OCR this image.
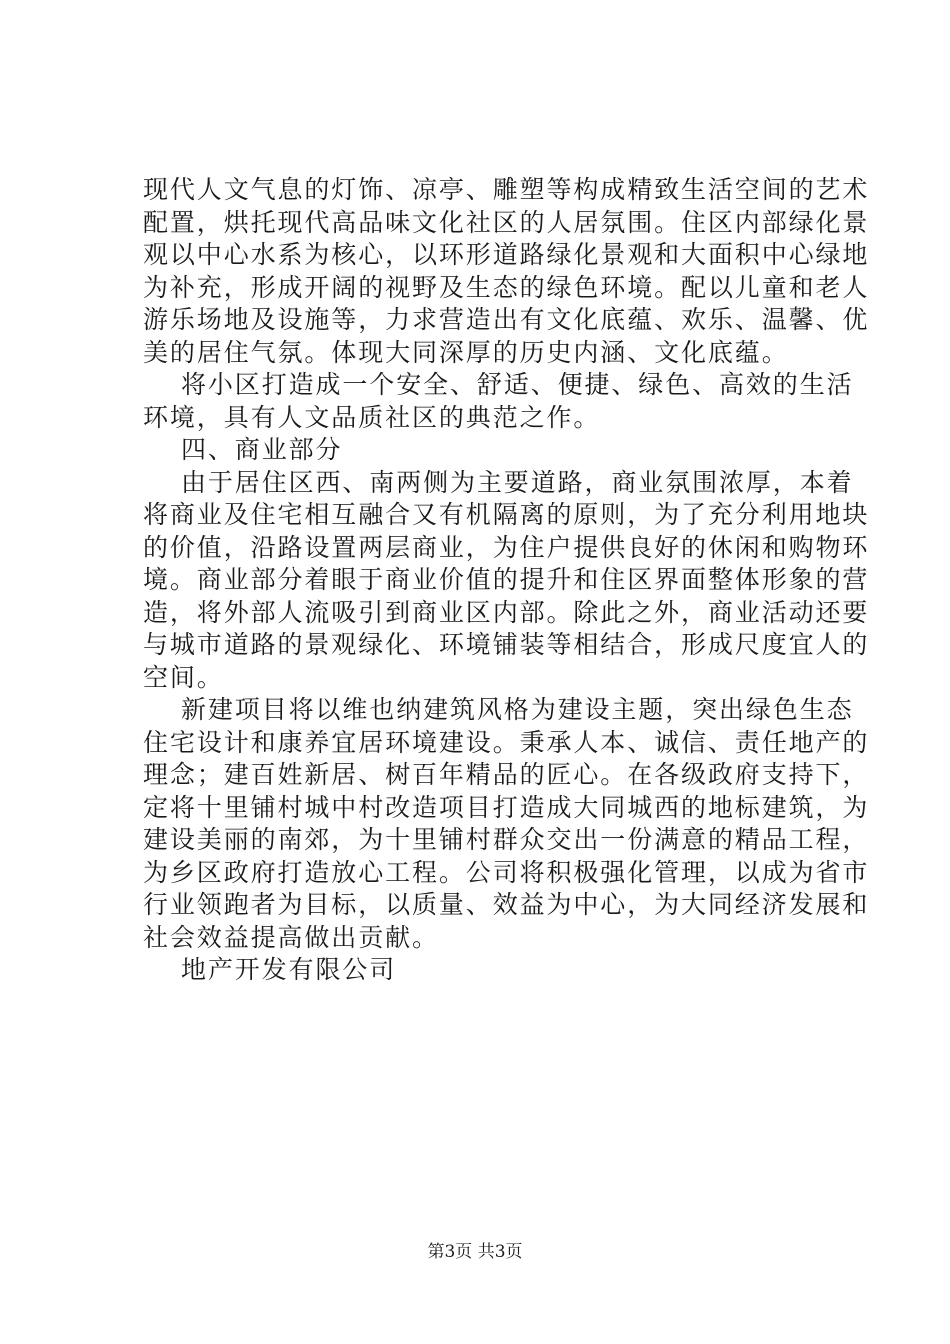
现代人文气息的灯饰、凉亭、雕塑等构成精致生活空间的艺术
配置，烘托现代高品味文化社区的人居氛围。住区内部绿化景
观以中心水系为核心，以环形道路绿化景观和大面积中心绿地
为补充，形成开阔的视野及生态的绿色环境。配以儿童和老人
游乐场地及设施等，力求营造出有文化底蕴、欢乐、温馨、优
美的居住气氛。体现大同深厚的历史内涵、文化底蕴。
将小区打造成一个安全、舒适、便捷、绿色、高效的生活
环境，具有人文品质社区的典范之作。
四、商业部分
由于居住区西、南两侧为主要道路，商业氛围浓厚，本着
将商业及住宅相互融合又有机隔离的原则，为了充分利用地块
的价值，沿路设置两层商业，为住户提供良好的休闲和购物环
境。商业部分着眼于商业价值的提升和住区界面整体形象的营
造，将外部人流吸引到商业区内部。除此之外，商业活动还要
与城市道路的景观绿化、环境铺装等相结合，形成尺度宜人的
空间。
新建项目将以维也纳建筑风格为建设主题，突出绿色生态
住宅设计和康养宜居环境建设。秉承人本、诚信、责任地产的
理念；建百姓新居、树百年精品的匠心。在各级政府支持下，
定将十里铺村城中村改造项目打造成大同城西的地标建筑，为
建设美丽的南郊，为十里铺村群众交出一份满意的精品工程，
为乡区政府打造放心工程。公司将积极强化管理，以成为省市
行业领跑者为目标，以质量、效益为中心，为大同经济发展和
社会效益提高做出贡献。
地产开发有限公司
第3页 共3页
